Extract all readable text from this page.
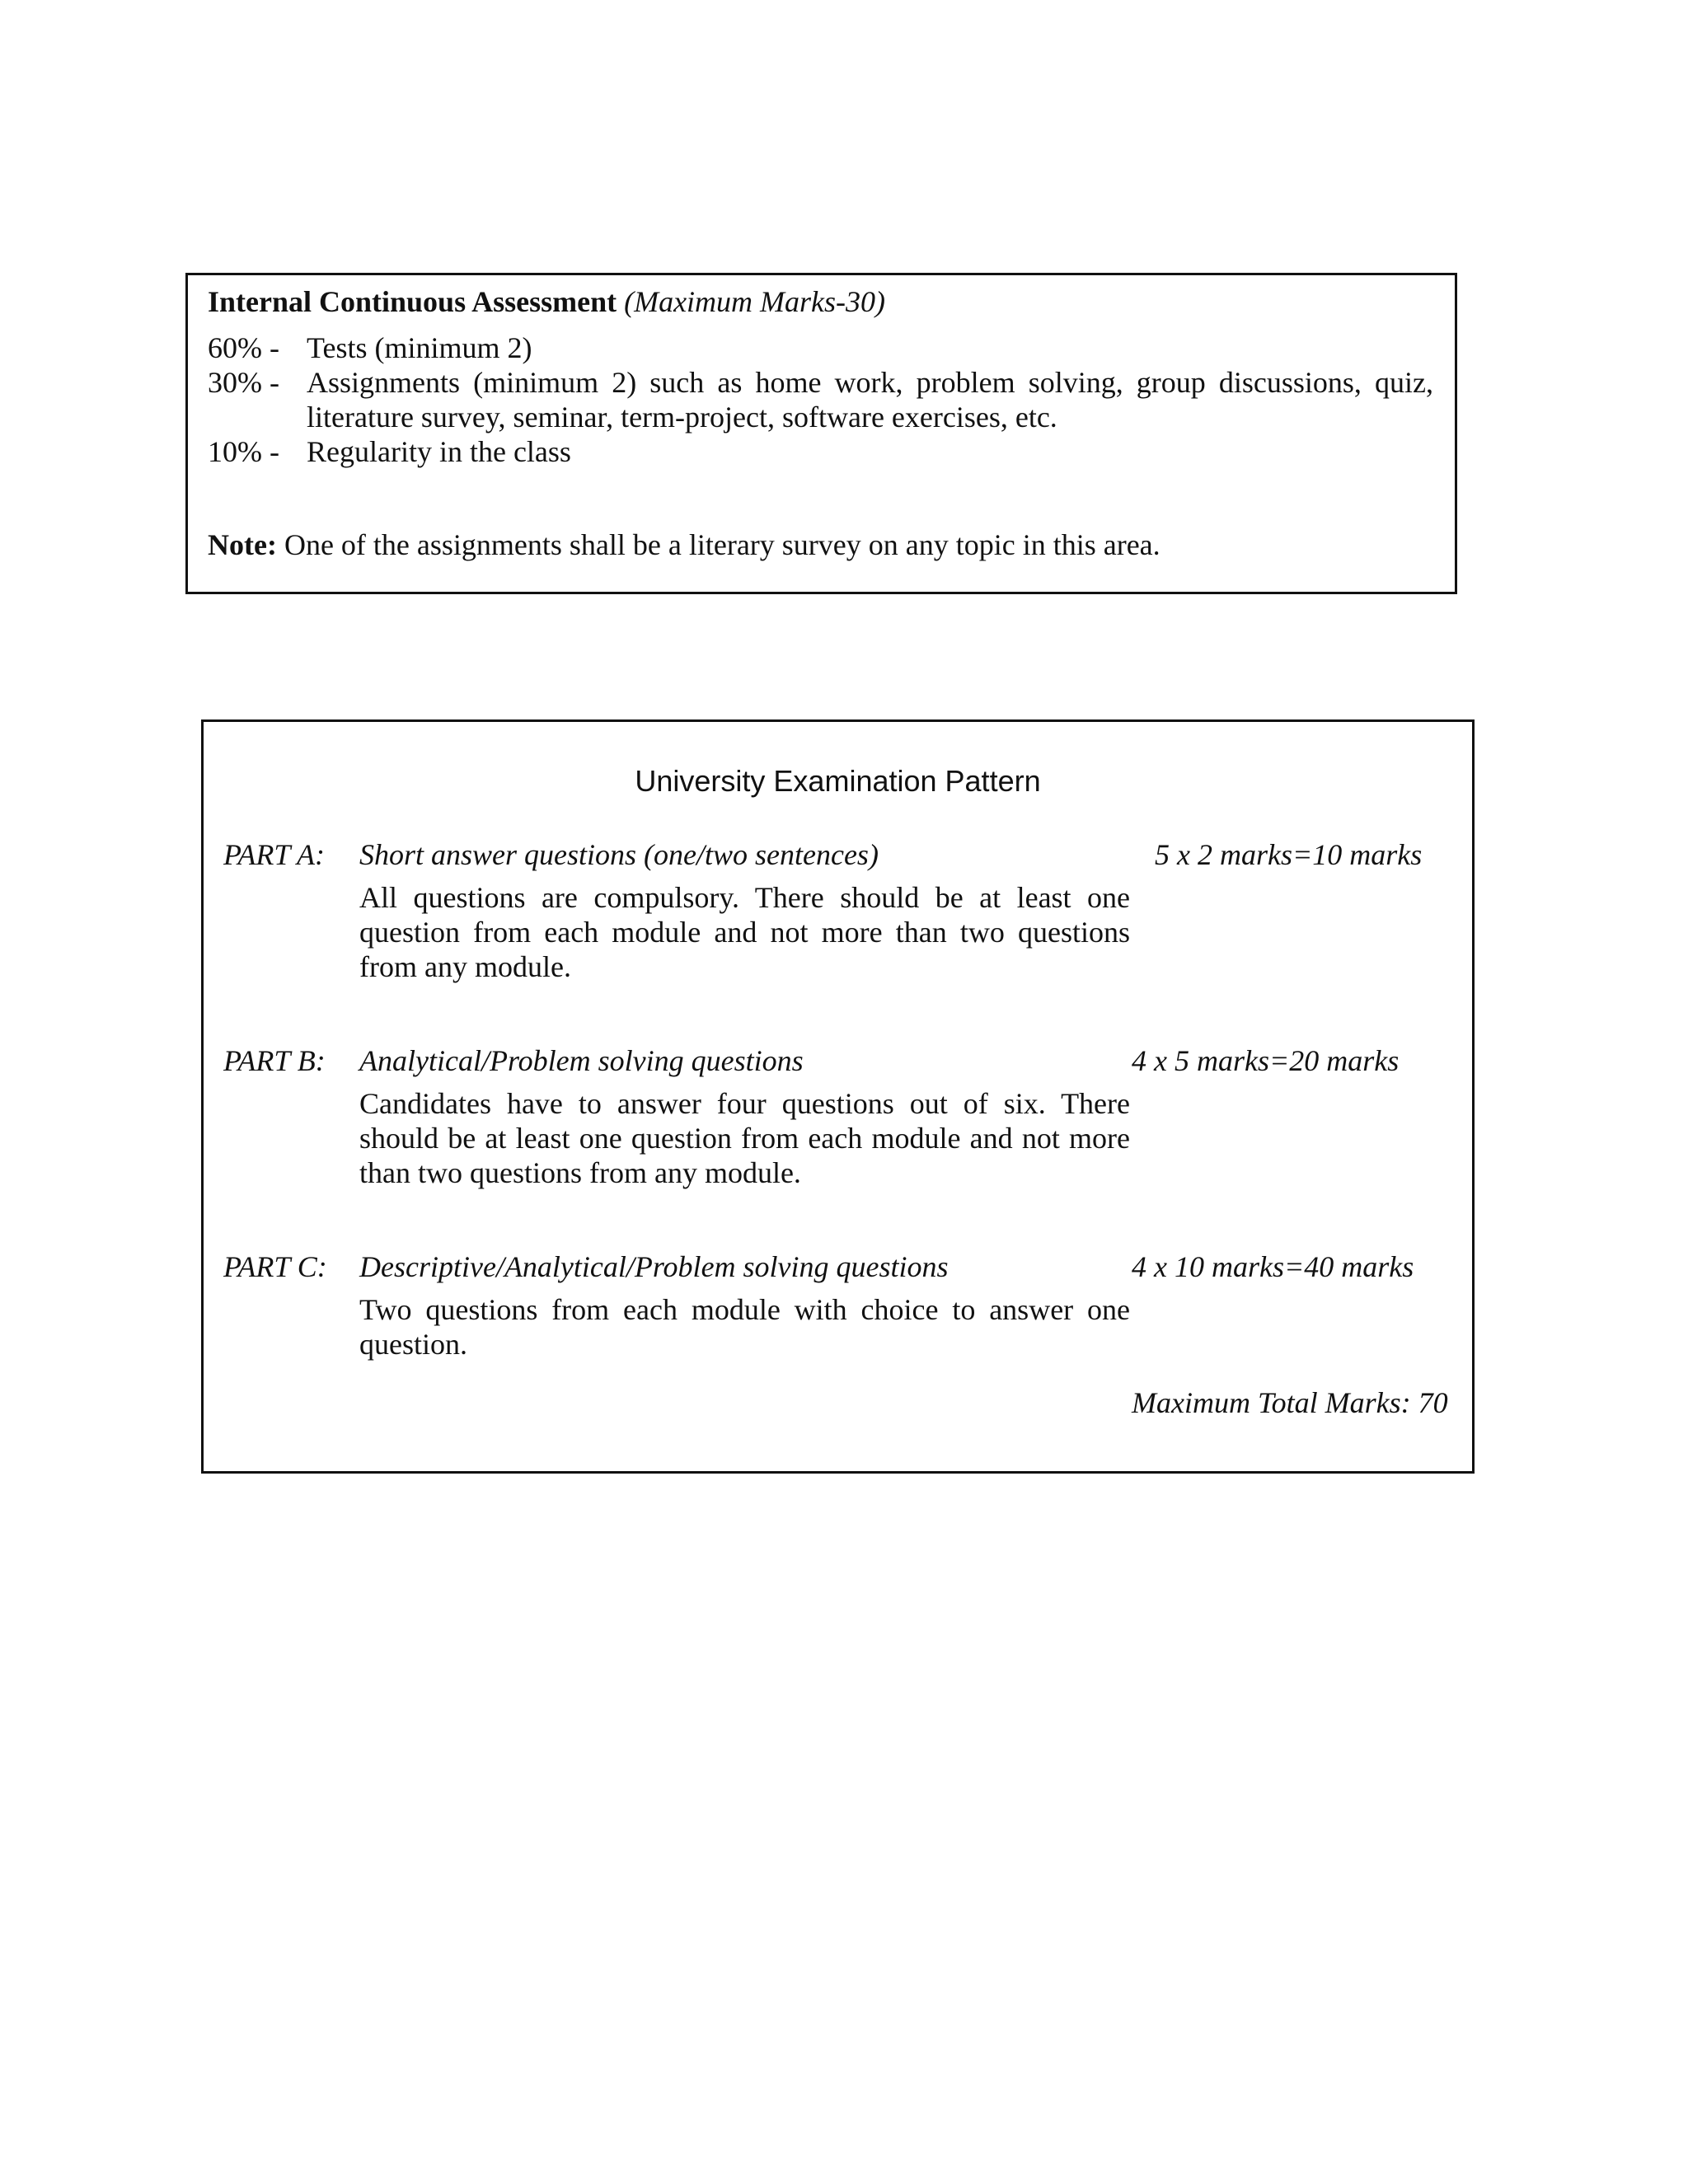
Internal Continuous Assessment (Maximum Marks-30)
60% - Tests (minimum 2)
30% - Assignments (minimum 2) such as home work, problem solving, group discussions, quiz, literature survey, seminar, term-project, software exercises, etc.
10% - Regularity in the class
Note: One of the assignments shall be a literary survey on any topic in this area.
University Examination Pattern
PART A: Short answer questions (one/two sentences)	5 x 2 marks=10 marks
All questions are compulsory. There should be at least one question from each module and not more than two questions from any module.
PART B: Analytical/Problem solving questions	4 x 5 marks=20 marks
Candidates have to answer four questions out of six. There should be at least one question from each module and not more than two questions from any module.
PART C: Descriptive/Analytical/Problem solving questions	4 x 10 marks=40 marks
Two questions from each module with choice to answer one question.
Maximum Total Marks: 70
